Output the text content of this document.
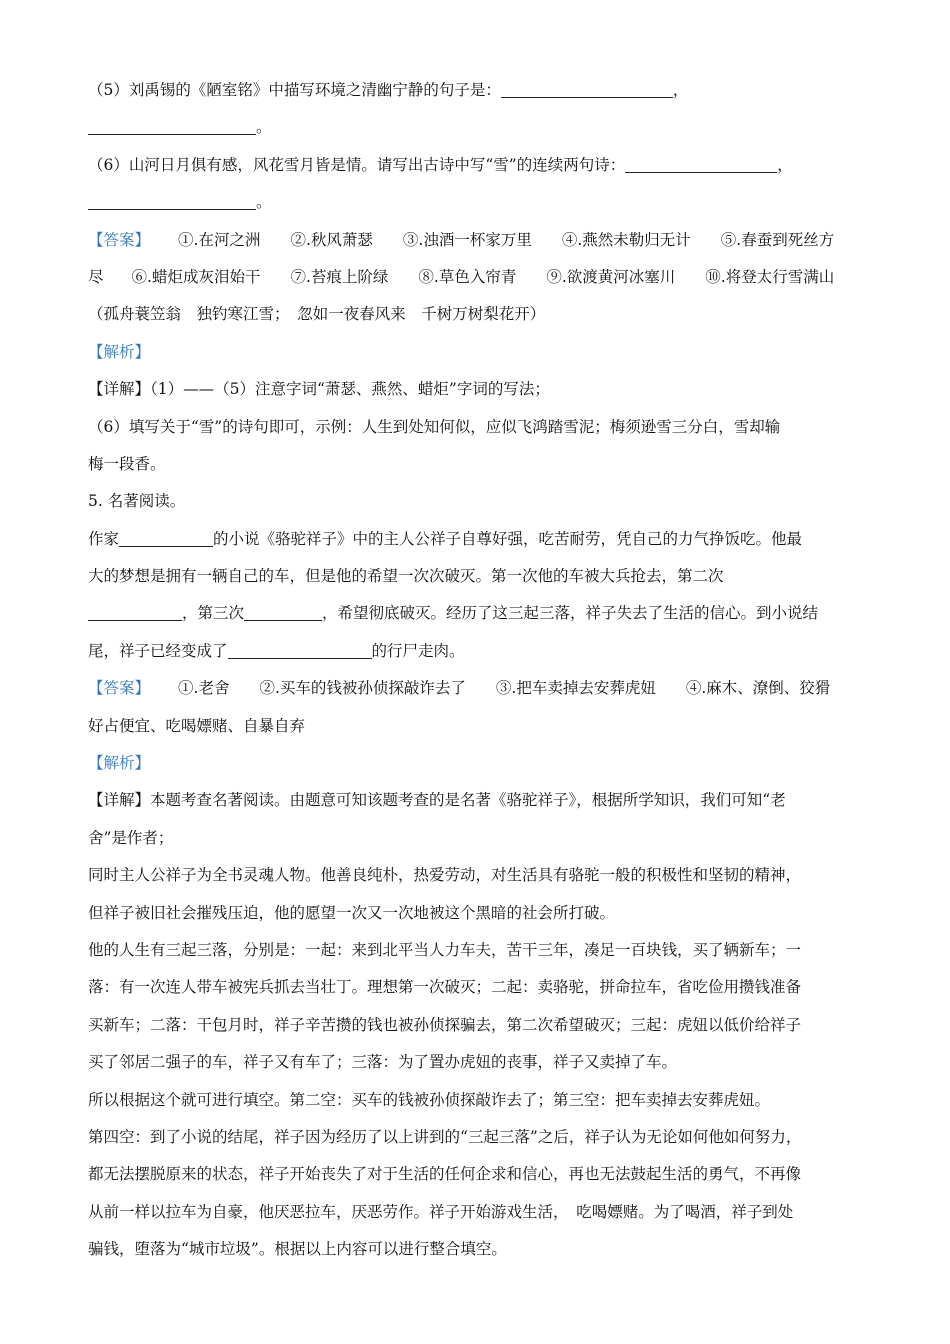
（5）刘禹锡的《陋室铭》中描写环境之清幽宁静的句子是：	，
。
（6）山河日月俱有感，风花雪月皆是情。请写出古诗中写“雪”的连续两句诗：	，
。
【答案】 ①.在河之洲 ②.秋风萧瑟 ③.浊酒一杯家万里 ④.燕然未勒归无计 ⑤.春蚕到死丝方
尽 ⑥.蜡炬成灰泪始干 ⑦.苔痕上阶绿 ⑧.草色入帘青 ⑨.欲渡黄河冰塞川 ⑩.将登太行雪满山
（孤舟蓑笠翁　独钓寒江雪；　忽如一夜春风来　千树万树梨花开）
【解析】
【详解】（1）——（5）注意字词“萧瑟、燕然、蜡炬”字词的写法；
（6）填写关于“雪”的诗句即可，示例：人生到处知何似，应似飞鸿踏雪泥；梅须逊雪三分白，雪却输
梅一段香。
5. 名著阅读。
作家	的小说《骆驼祥子》中的主人公祥子自尊好强，吃苦耐劳，凭自己的力气挣饭吃。他最
大的梦想是拥有一辆自己的车，但是他的希望一次次破灭。第一次他的车被大兵抢去，第二次
，第三次	，希望彻底破灭。经历了这三起三落，祥子失去了生活的信心。到小说结
尾，祥子已经变成了	的行尸走肉。
【答案】 ①.老舍 ②.买车的钱被孙侦探敲诈去了 ③.把车卖掉去安葬虎妞 ④.麻木、潦倒、狡猾
好占便宜、吃喝嫖赌、自暴自弃
【解析】
【详解】本题考查名著阅读。由题意可知该题考查的是名著《骆驼祥子》，根据所学知识，我们可知“老
舍”是作者；
同时主人公祥子为全书灵魂人物。他善良纯朴，热爱劳动，对生活具有骆驼一般的积极性和坚韧的精神，
但祥子被旧社会摧残压迫，他的愿望一次又一次地被这个黑暗的社会所打破。
他的人生有三起三落，分别是：一起：来到北平当人力车夫，苦干三年，凑足一百块钱，买了辆新车；一
落：有一次连人带车被宪兵抓去当壮丁。理想第一次破灭；二起：卖骆驼，拼命拉车，省吃俭用攒钱准备
买新车；二落：干包月时，祥子辛苦攒的钱也被孙侦探骗去，第二次希望破灭；三起：虎妞以低价给祥子
买了邻居二强子的车，祥子又有车了；三落：为了置办虎妞的丧事，祥子又卖掉了车。
所以根据这个就可进行填空。第二空：买车的钱被孙侦探敲诈去了；第三空：把车卖掉去安葬虎妞。
第四空：到了小说的结尾，祥子因为经历了以上讲到的“三起三落”之后，祥子认为无论如何他如何努力，
都无法摆脱原来的状态，祥子开始丧失了对于生活的任何企求和信心，再也无法鼓起生活的勇气，不再像
从前一样以拉车为自豪，他厌恶拉车，厌恶劳作。祥子开始游戏生活，　吃喝嫖赌。为了喝酒，祥子到处
骗钱，堕落为“城市垃圾”。根据以上内容可以进行整合填空。
